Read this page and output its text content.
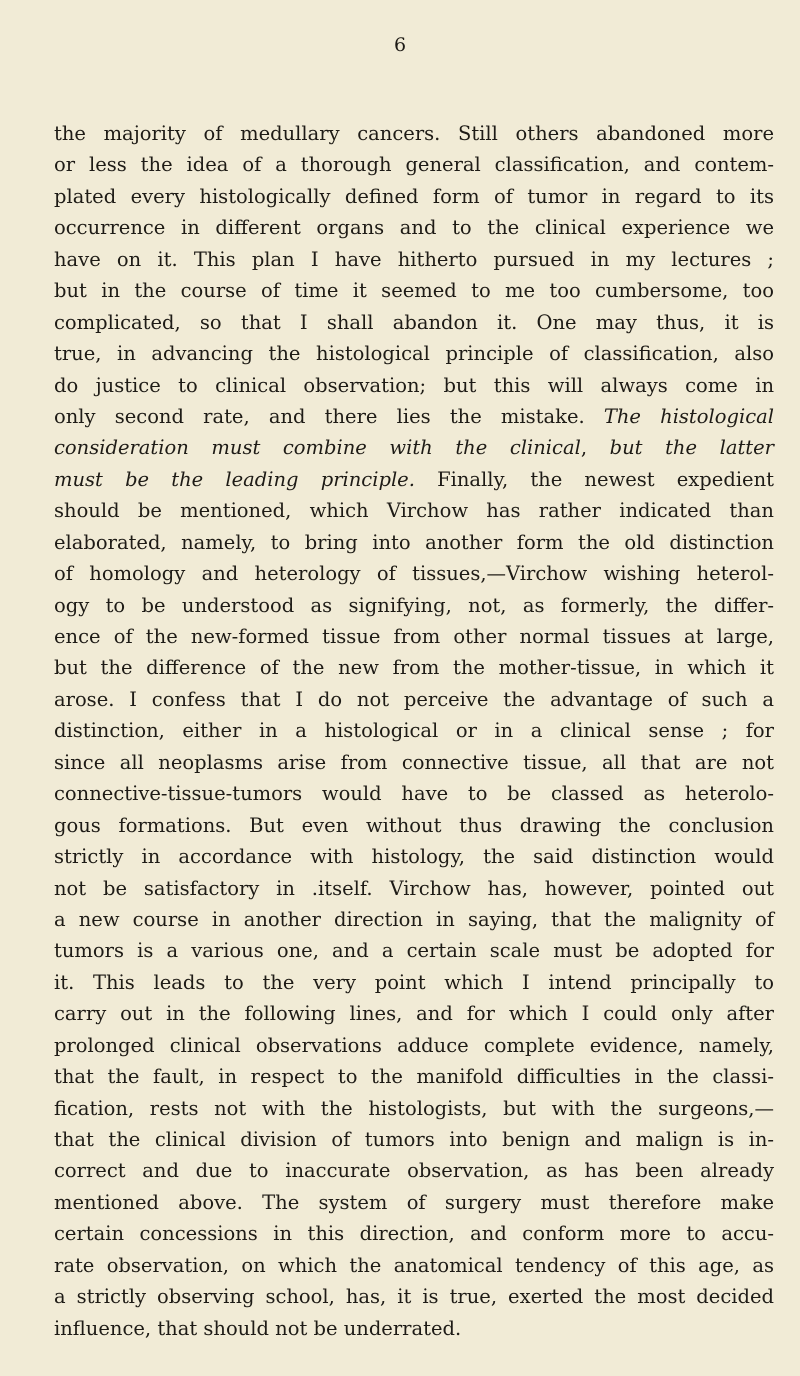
6
the majority of medullary cancers. Still others abandoned more
or less the idea of a thorough general classification, and contem-
plated every histologically defined form of tumor in regard to its
occurrence in different organs and to the clinical experience we
have on it. This plan I have hitherto pursued in my lectures ;
but in the course of time it seemed to me too cumbersome, too
complicated, so that I shall abandon it. One may thus, it is
true, in advancing the histological principle of classification, also
do justice to clinical observation; but this will always come in
only second rate, and there lies the mistake. The histological
consideration must combine with the clinical, but the latter
must be the leading principle. Finally, the newest expedient
should be mentioned, which Virchow has rather indicated than
elaborated, namely, to bring into another form the old distinction
of homology and heterology of tissues,—Virchow wishing heterol-
ogy to be understood as signifying, not, as formerly, the differ-
ence of the new-formed tissue from other normal tissues at large,
but the difference of the new from the mother-tissue, in which it
arose. I confess that I do not perceive the advantage of such a
distinction, either in a histological or in a clinical sense ; for
since all neoplasms arise from connective tissue, all that are not
connective-tissue-tumors would have to be classed as heterolo-
gous formations. But even without thus drawing the conclusion
strictly in accordance with histology, the said distinction would
not be satisfactory in .itself. Virchow has, however, pointed out
a new course in another direction in saying, that the malignity of
tumors is a various one, and a certain scale must be adopted for
it. This leads to the very point which I intend principally to
carry out in the following lines, and for which I could only after
prolonged clinical observations adduce complete evidence, namely,
that the fault, in respect to the manifold difficulties in the classi-
fication, rests not with the histologists, but with the surgeons,—
that the clinical division of tumors into benign and malign is in-
correct and due to inaccurate observation, as has been already
mentioned above. The system of surgery must therefore make
certain concessions in this direction, and conform more to accu-
rate observation, on which the anatomical tendency of this age, as
a strictly observing school, has, it is true, exerted the most decided
influence, that should not be underrated.
